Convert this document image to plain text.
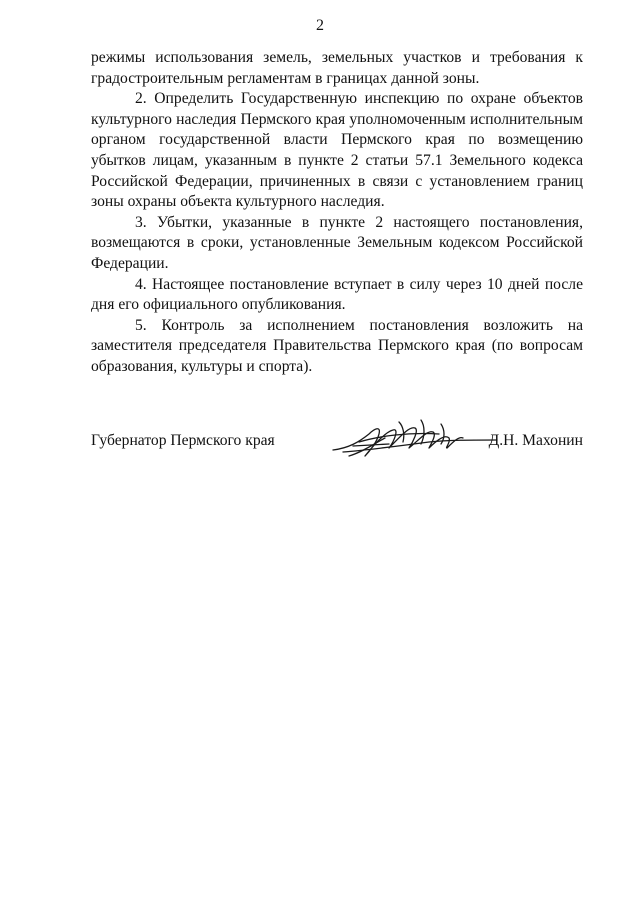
2

режимы использования земель, земельных участков и требования к градостроительным регламентам в границах данной зоны.

2. Определить Государственную инспекцию по охране объектов культурного наследия Пермского края уполномоченным исполнительным органом государственной власти Пермского края по возмещению убытков лицам, указанным в пункте 2 статьи 57.1 Земельного кодекса Российской Федерации, причиненных в связи с установлением границ зоны охраны объекта культурного наследия.

3. Убытки, указанные в пункте 2 настоящего постановления, возмещаются в сроки, установленные Земельным кодексом Российской Федерации.

4. Настоящее постановление вступает в силу через 10 дней после дня его официального опубликования.

5. Контроль за исполнением постановления возложить на заместителя председателя Правительства Пермского края (по вопросам образования, культуры и спорта).

Губернатор Пермского края	Д.Н. Махонин
